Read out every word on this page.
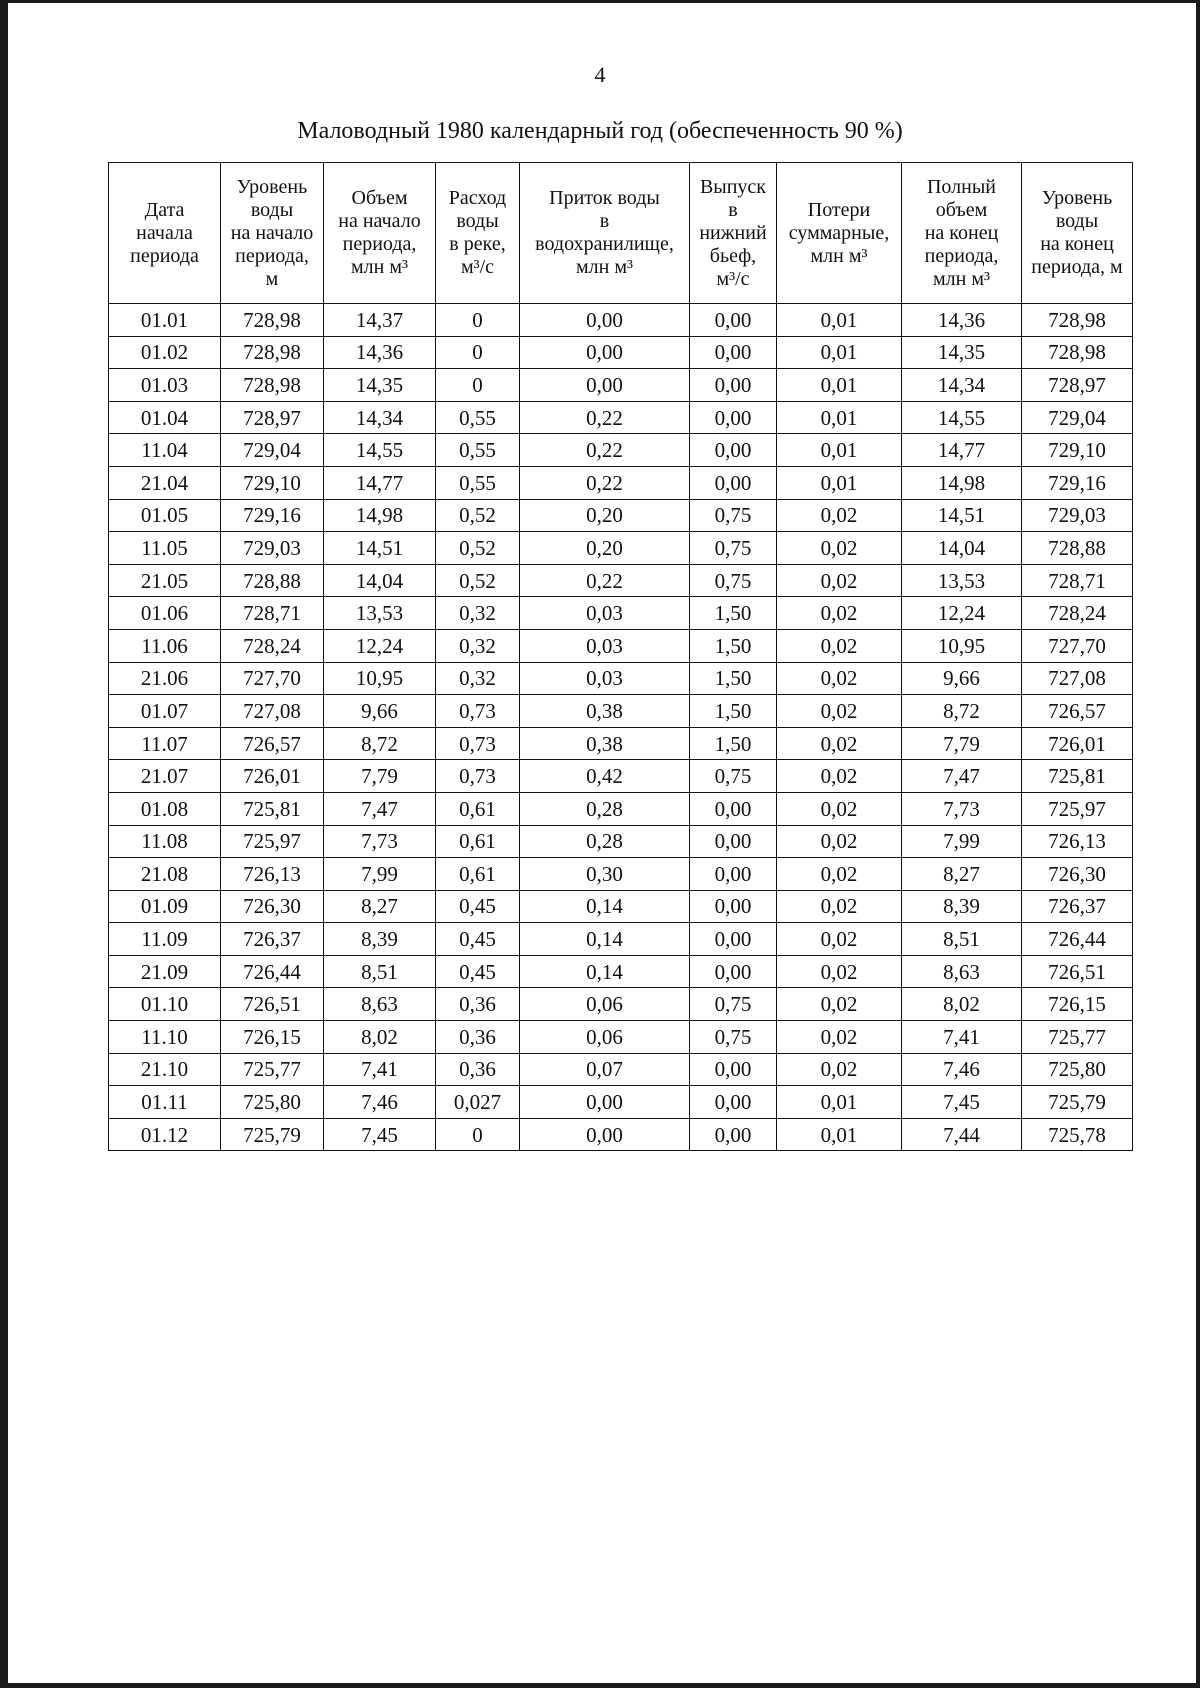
4
Маловодный 1980 календарный год (обеспеченность 90 %)
Дата
начала
периода	Уровень
воды
на начало
периода,
м	Объем
на начало
периода,
млн м³	Расход
воды
в реке,
м³/с	Приток воды
в
водохранилище,
млн м³	Выпуск
в
нижний
бьеф,
м³/с	Потери
суммарные,
млн м³	Полный
объем
на конец
периода,
млн м³	Уровень
воды
на конец
периода, м
01.01	728,98	14,37	0	0,00	0,00	0,01	14,36	728,98
01.02	728,98	14,36	0	0,00	0,00	0,01	14,35	728,98
01.03	728,98	14,35	0	0,00	0,00	0,01	14,34	728,97
01.04	728,97	14,34	0,55	0,22	0,00	0,01	14,55	729,04
11.04	729,04	14,55	0,55	0,22	0,00	0,01	14,77	729,10
21.04	729,10	14,77	0,55	0,22	0,00	0,01	14,98	729,16
01.05	729,16	14,98	0,52	0,20	0,75	0,02	14,51	729,03
11.05	729,03	14,51	0,52	0,20	0,75	0,02	14,04	728,88
21.05	728,88	14,04	0,52	0,22	0,75	0,02	13,53	728,71
01.06	728,71	13,53	0,32	0,03	1,50	0,02	12,24	728,24
11.06	728,24	12,24	0,32	0,03	1,50	0,02	10,95	727,70
21.06	727,70	10,95	0,32	0,03	1,50	0,02	9,66	727,08
01.07	727,08	9,66	0,73	0,38	1,50	0,02	8,72	726,57
11.07	726,57	8,72	0,73	0,38	1,50	0,02	7,79	726,01
21.07	726,01	7,79	0,73	0,42	0,75	0,02	7,47	725,81
01.08	725,81	7,47	0,61	0,28	0,00	0,02	7,73	725,97
11.08	725,97	7,73	0,61	0,28	0,00	0,02	7,99	726,13
21.08	726,13	7,99	0,61	0,30	0,00	0,02	8,27	726,30
01.09	726,30	8,27	0,45	0,14	0,00	0,02	8,39	726,37
11.09	726,37	8,39	0,45	0,14	0,00	0,02	8,51	726,44
21.09	726,44	8,51	0,45	0,14	0,00	0,02	8,63	726,51
01.10	726,51	8,63	0,36	0,06	0,75	0,02	8,02	726,15
11.10	726,15	8,02	0,36	0,06	0,75	0,02	7,41	725,77
21.10	725,77	7,41	0,36	0,07	0,00	0,02	7,46	725,80
01.11	725,80	7,46	0,027	0,00	0,00	0,01	7,45	725,79
01.12	725,79	7,45	0	0,00	0,00	0,01	7,44	725,78
